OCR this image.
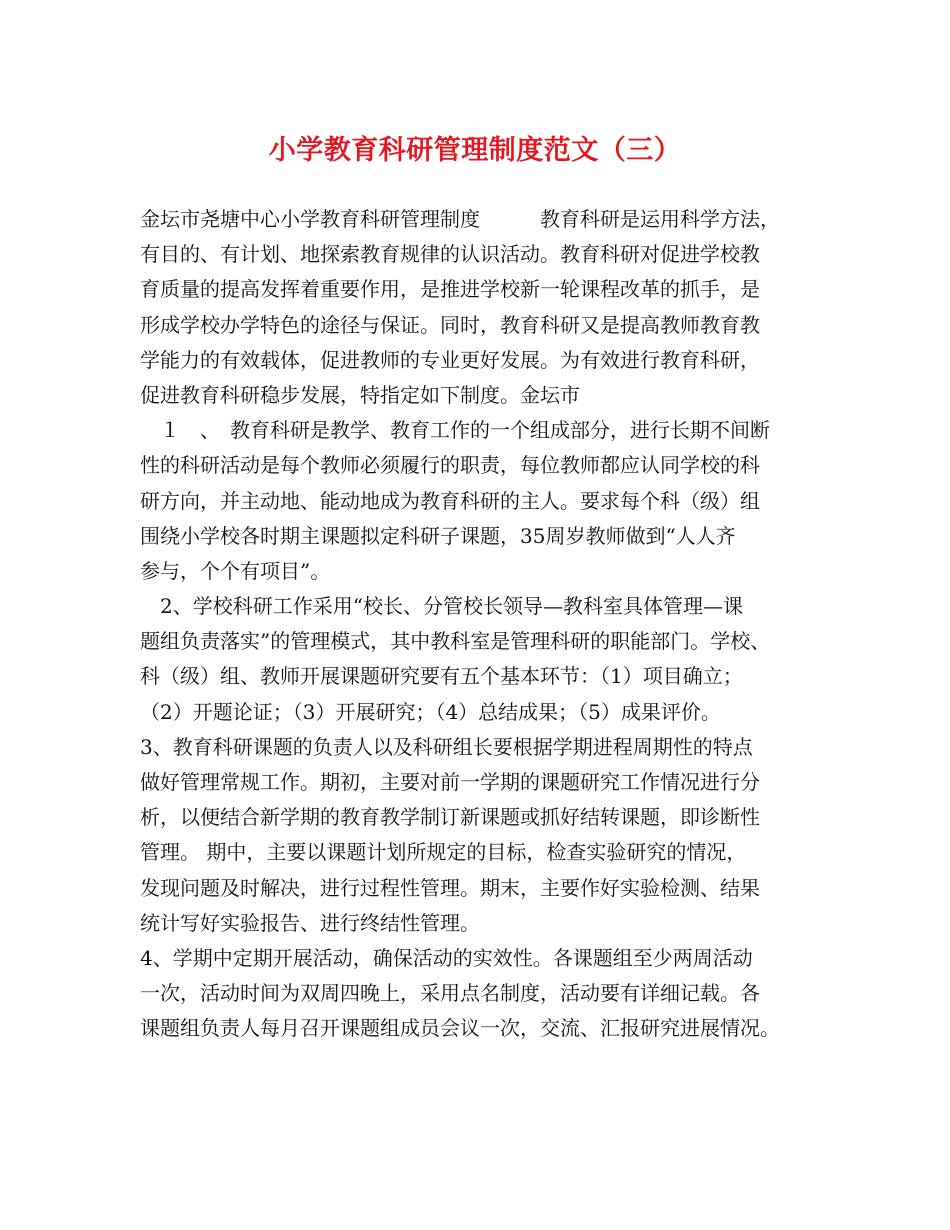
小学教育科研管理制度范文（三）
金坛市尧塘中心小学教育科研管理制度　　　教育科研是运用科学方法，
有目的、有计划、地探索教育规律的认识活动。教育科研对促进学校教
育质量的提高发挥着重要作用，是推进学校新一轮课程改革的抓手，是
形成学校办学特色的途径与保证。同时，教育科研又是提高教师教育教
学能力的有效载体，促进教师的专业更好发展。为有效进行教育科研，
促进教育科研稳步发展，特指定如下制度。金坛市
　１　、　教育科研是教学、教育工作的一个组成部分，进行长期不间断
性的科研活动是每个教师必须履行的职责，每位教师都应认同学校的科
研方向，并主动地、能动地成为教育科研的主人。要求每个科（级）组
围绕小学校各时期主课题拟定科研子课题，35周岁教师做到“人人齐
参与，个个有项目”。
　2、学校科研工作采用“校长、分管校长领导—教科室具体管理—课
题组负责落实”的管理模式，其中教科室是管理科研的职能部门。学校、
科（级）组、教师开展课题研究要有五个基本环节：（1）项目确立；
（2）开题论证；（3）开展研究；（4）总结成果；（5）成果评价。
3、教育科研课题的负责人以及科研组长要根据学期进程周期性的特点
做好管理常规工作。期初，主要对前一学期的课题研究工作情况进行分
析，以便结合新学期的教育教学制订新课题或抓好结转课题，即诊断性
管理。 期中，主要以课题计划所规定的目标，检查实验研究的情况，
发现问题及时解决，进行过程性管理。期末，主要作好实验检测、结果
统计写好实验报告、进行终结性管理。
4、学期中定期开展活动，确保活动的实效性。各课题组至少两周活动
一次，活动时间为双周四晚上，采用点名制度，活动要有详细记载。各
课题组负责人每月召开课题组成员会议一次，交流、汇报研究进展情况。
